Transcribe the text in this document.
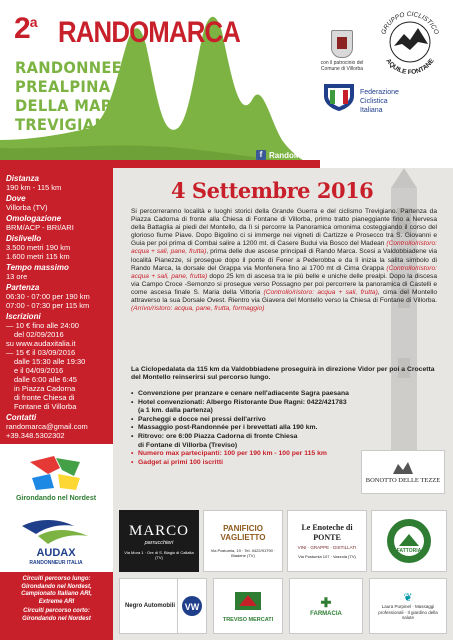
2$^a$ RANDOMARCA
RANDONNEE
PREALPINA
DELLA MARCA
TREVIGIANA
con il patrocinio del Comune di Villorba
GRUPPO CICLISTICO
AQUILE FONTANE
Federazione
Ciclistica
Italiana
f RandoMarca
Distanza
190 km - 115 km
Dove
Villorba (TV)
Omologazione
BRM/ACP - BRI/ARI
Dislivello
3.500 metri 190 km
1.600 metri 115 km
Tempo massimo
13 ore
Partenza
06:30 - 07:00 per 190 km
07:00 - 07:30 per 115 km
Iscrizioni
— 10 € fino alle 24:00
del 02/09/2016
su www.audaxitalia.it
— 15 € il 03/09/2016
dalle 15:30 alle 19:30
e il 04/09/2016
dalle 6:00 alle 6:45
in Piazza Cadorna
di fronte Chiesa di
Fontane di Villorba
Contatti
randomarca@gmail.com
+39.348.5302302
Girondando nel Nordest
AUDAX
RANDONNEUR ITALIA
Circuiti percorso lungo:
Girondando nel Nordest,
Campionato Italiano ARI,
Extreme ARI
Circuiti percorso corto:
Girondando nel Nordest
4 Settembre 2016
Si percorreranno località e luoghi storici della Grande Guerra e del ciclismo Trevigiano. Partenza da Piazza Cadorna di fronte alla Chiesa di Fontane di Villorba, primo tratto pianeggiante fino a Nervesa della Battaglia ai piedi del Montello, da lì si percorre la Panoramica omonima costeggiando il corso del glorioso fiume Piave. Dopo Bigolino ci si immerge nei vigneti di Cartizze e Prosecco tra S. Giovanni e Guia per poi prima di Combai salire a 1200 mt. di Casere Budui via Bosco del Madean (Controllo/ristoro: acqua + sali, pane, frutta), prima delle due ascese principali di Rando Marca. Scesi a Valdobbiadene via località Pianezze, si prosegue dopo il ponte di Fener a Pederobba e da lì inizia la salita simbolo di Rando Marca, la dorsale del Grappa via Monfenera fino ai 1700 mt di Cima Grappa (Controllo/ristoro: acqua + sali, pane, frutta) dopo 25 km di ascesa tra le più belle e uniche delle prealpi. Dopo la discesa via Campo Croce -Semonzo si prosegue verso Possagno per poi percorrere la panoramica di Castelli e come ascesa finale S. Maria della Vittoria (Controllo/ristoro: acqua + sali, frutta), cima del Montello attraverso la sua Dorsale Ovest. Rientro via Giavera del Montello verso la Chiesa di Fontane di Villorba. (Arrivo/ristoro: acqua, pane, frutta, formaggio)
La Ciclopedalata da 115 km da Valdobbiadene proseguirà in direzione Vidor per poi a Crocetta del Montello reinserirsi sul percorso lungo.
• Convenzione per pranzare e cenare nell'adiacente Sagra paesana
• Hotel convenzionati: Albergo Ristorante Due Ragni: 0422/421783
(a 1 km. dalla partenza)
• Parcheggi e docce nei pressi dell'arrivo
• Massaggio post-Randonnée per i brevettati alla 190 km.
• Ritrovo: ore 6:00 Piazza Cadorna di fronte Chiesa
di Fontane di Villorba (Treviso)
• Numero max partecipanti: 100 per 190 km - 100 per 115 km
• Gadget ai primi 100 iscritti
BONOTTO DELLE TEZZE
MARCO
parrucchieri
Via Mora 1 · Ore di S. Biagio di Callalta (TV)
PANIFICIO VAGLIETTO
Via Postumia, 19 · Tel. 0422/91790 · Biadene (TV)
Le Enoteche di PONTE
VINI · GRAPPE · DISTILLATI
Via Postumia 107 · Vazzola (TV)
FATTORIA
Negro Automobili VW
TREVISO MERCATI
✚
FARMACIA
❦
Laura Purpinel · Massaggi professionali · Il giardino della salute
